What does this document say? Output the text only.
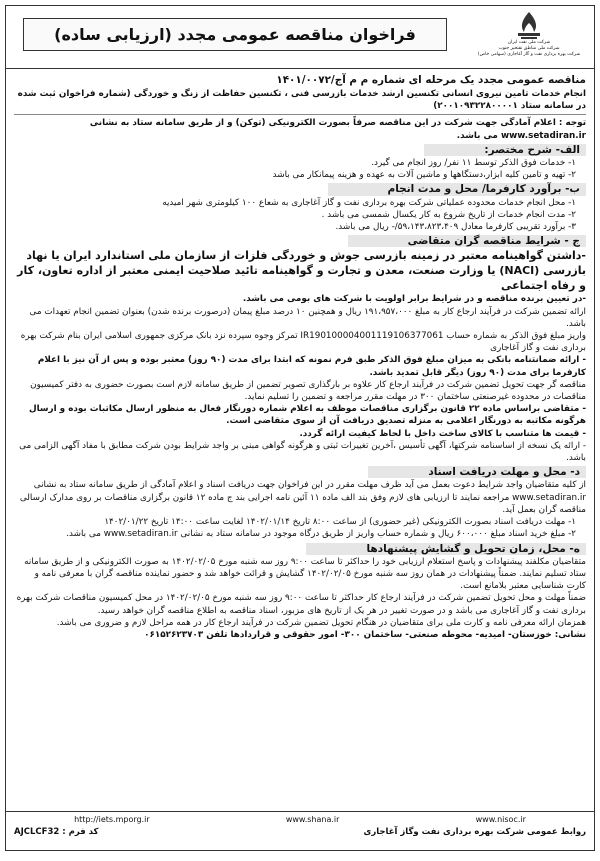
شرکت ملی نفت ایران
شرکت ملی مناطق نفتخیز جنوب
شرکت بهره برداری نفت و گاز آغاجاری (سهامی خاص)
فراخوان مناقصه عمومی مجدد (ارزیابی ساده)

مناقصه عمومی مجدد یک مرحله ای شماره م م آج/۱۴۰۱/۰۰۷۲

انجام خدمات تامین نیروی انسانی تکنسین ارشد خدمات بازرسی فنی ، تکنسین حفاظت از زنگ و خوردگی (شماره فراخوان ثبت شده در سامانه ستاد ۲۰۰۱۰۹۳۲۲۸۰۰۰۰۱)

توجه : اعلام آمادگی جهت شرکت در این مناقصه صرفاً بصورت الکترونیکی (توکن) و از طریق سامانه ستاد به نشانی www.setadiran.ir می باشد.

الف- شرح مختصر:

۱- خدمات فوق الذکر توسط ۱۱ نفر/ روز انجام می گیرد.

۲- تهیه و تامین کلیه ابزار،دستگاهها و ماشین آلات به عهده و هزینه پیمانکار می باشد

ب- برآورد کارفرما/ محل و مدت انجام

۱- محل انجام خدمات محدوده عملیاتی شرکت بهره برداری نفت و گاز آغاجاری به شعاع ۱۰۰ کیلومتری شهر امیدیه

۲- مدت انجام خدمات از تاریخ شروع به کار یکسال شمسی می باشد .

۳- برآورد تقریبی کارفرما معادل ۵۹،۱۴۳،۸۲۳،۴۰۹/- ریال می باشد.

ج - شرایط مناقصه گران متقاضی

-داشتن گواهینامه معتبر در زمینه بازرسی جوش و خوردگی فلزات از سازمان ملی استاندارد ایران یا نهاد بازرسی (NACI) یا وزارت صنعت، معدن و تجارت و گواهینامه تائید صلاحیت ایمنی معتبر از اداره تعاون، کار و رفاه اجتماعی

-در تعیین برنده مناقصه و در شرایط برابر اولویت با شرکت های بومی می باشد.

ارائه تضمین شرکت در فرآیند ارجاع کار به مبلغ ۱۹۱،۹۵۷،۰۰۰ ریال و همچنین ۱۰ درصد مبلغ پیمان (درصورت برنده شدن) بعنوان تضمین انجام تعهدات می باشد.

واریز مبلغ فوق الذکر به شماره حساب IR190100004001119106377061 تمرکز وجوه سپرده نزد بانک مرکزی جمهوری اسلامی ایران بنام شرکت بهره برداری نفت و گاز آغاجاری

- ارائه ضمانتنامه بانکی به میزان مبلغ فوق الذکر طبق فرم نمونه که ابتدا برای مدت (۹۰ روز) معتبر بوده و پس از آن نیز با اعلام کارفرما برای مدت (۹۰ روز) دیگر قابل تمدید باشد.

مناقصه گر جهت تحویل تضمین شرکت در فرآیند ارجاع کار علاوه بر بارگذاری تصویر تضمین از طریق سامانه لازم است بصورت حضوری به دفتر کمیسیون مناقصات در محدوده غیرصنعتی ساختمان ۳۰۰ در مهلت مقرر مراجعه و تضمین را تسلیم نماید.

- متقاضی براساس ماده ۲۲ قانون برگزاری مناقصات موظف به اعلام شماره دورنگار فعال به منظور ارسال مکاتبات بوده و ارسال هرگونه مکاتبه به دورنگار اعلامی به منزله تصدیق دریافت آن از سوی متقاضی است.

- قیمت ها متناسب با کالای ساخت داخل با لحاظ کیفیت ارائه گردد.

- ارائه یک نسخه از اساسنامه شرکتها، آگهی تأسیس ،آخرین تغییرات ثبتی و هرگونه گواهی مبنی بر واجد شرایط بودن شرکت مطابق با مفاد آگهی الزامی می باشد.

د- محل و مهلت دریافت اسناد

از کلیه متقاضیان واجد شرایط دعوت بعمل می آید ظرف مهلت مقرر در این فراخوان جهت دریافت اسناد و اعلام آمادگی از طریق سامانه ستاد به نشانی www.setadiran.ir مراجعه نمایند تا ارزیابی های لازم وفق بند الف ماده ۱۱ آئین نامه اجرایی بند ج ماده ۱۲ قانون برگزاری مناقصات بر روی مدارک ارسالی مناقصه گران بعمل آید.

۱- مهلت دریافت اسناد بصورت الکترونیکی (غیر حضوری) از ساعت ۸:۰۰ تاریخ ۱۴۰۲/۰۱/۱۴ لغایت ساعت ۱۴:۰۰ تاریخ ۱۴۰۲/۰۱/۲۲

۲- مبلغ خرید اسناد مبلغ ۶۰۰،۰۰۰ ریال و شماره حساب واریز از طریق درگاه موجود در سامانه ستاد به نشانی www.setadiran.ir می باشد.

ه- محل، زمان تحویل و گشایش پیشنهادها

متقاضیان مکلفند پیشنهادات و پاسخ استعلام ارزیابی خود را حداکثر تا ساعت ۹:۰۰ روز سه شنبه مورخ ۱۴۰۲/۰۲/۰۵ به صورت الکترونیکی و از طریق سامانه ستاد تسلیم نمایند. ضمناً پیشنهادات در همان روز سه شنبه مورخ ۱۴۰۲/۰۲/۰۵ گشایش و قرائت خواهد شد و حضور نماینده مناقصه گران با معرفی نامه و کارت شناسایی معتبر بلامانع است.

ضمناً مهلت و محل تحویل تضمین شرکت در فرآیند ارجاع کار حداکثر تا ساعت ۹:۰۰ روز سه شنبه مورخ ۱۴۰۲/۰۲/۰۵ در محل کمیسیون مناقصات شرکت بهره برداری نفت و گاز آغاجاری می باشد و در صورت تغییر در هر یک از تاریخ های مزبور، اسناد مناقصه به اطلاع مناقصه گران خواهد رسید.

همزمان ارائه معرفی نامه و کارت ملی برای متقاضیان در هنگام تحویل تضمین شرکت در فرآیند ارجاع کار در همه مراحل لازم و ضروری می باشد.

نشانی: خوزستان- امیدیه- محوطه صنعتی- ساختمان ۳۰۰- امور حقوقی و قراردادها تلفن ۰۶۱۵۲۶۲۳۷۰۳

http://iets.mporg.ir	www.shana.ir	www.nisoc.ir
روابط عمومی شرکت بهره برداری نفت وگاز آغاجاری
کد فرم : AJCLCF32
